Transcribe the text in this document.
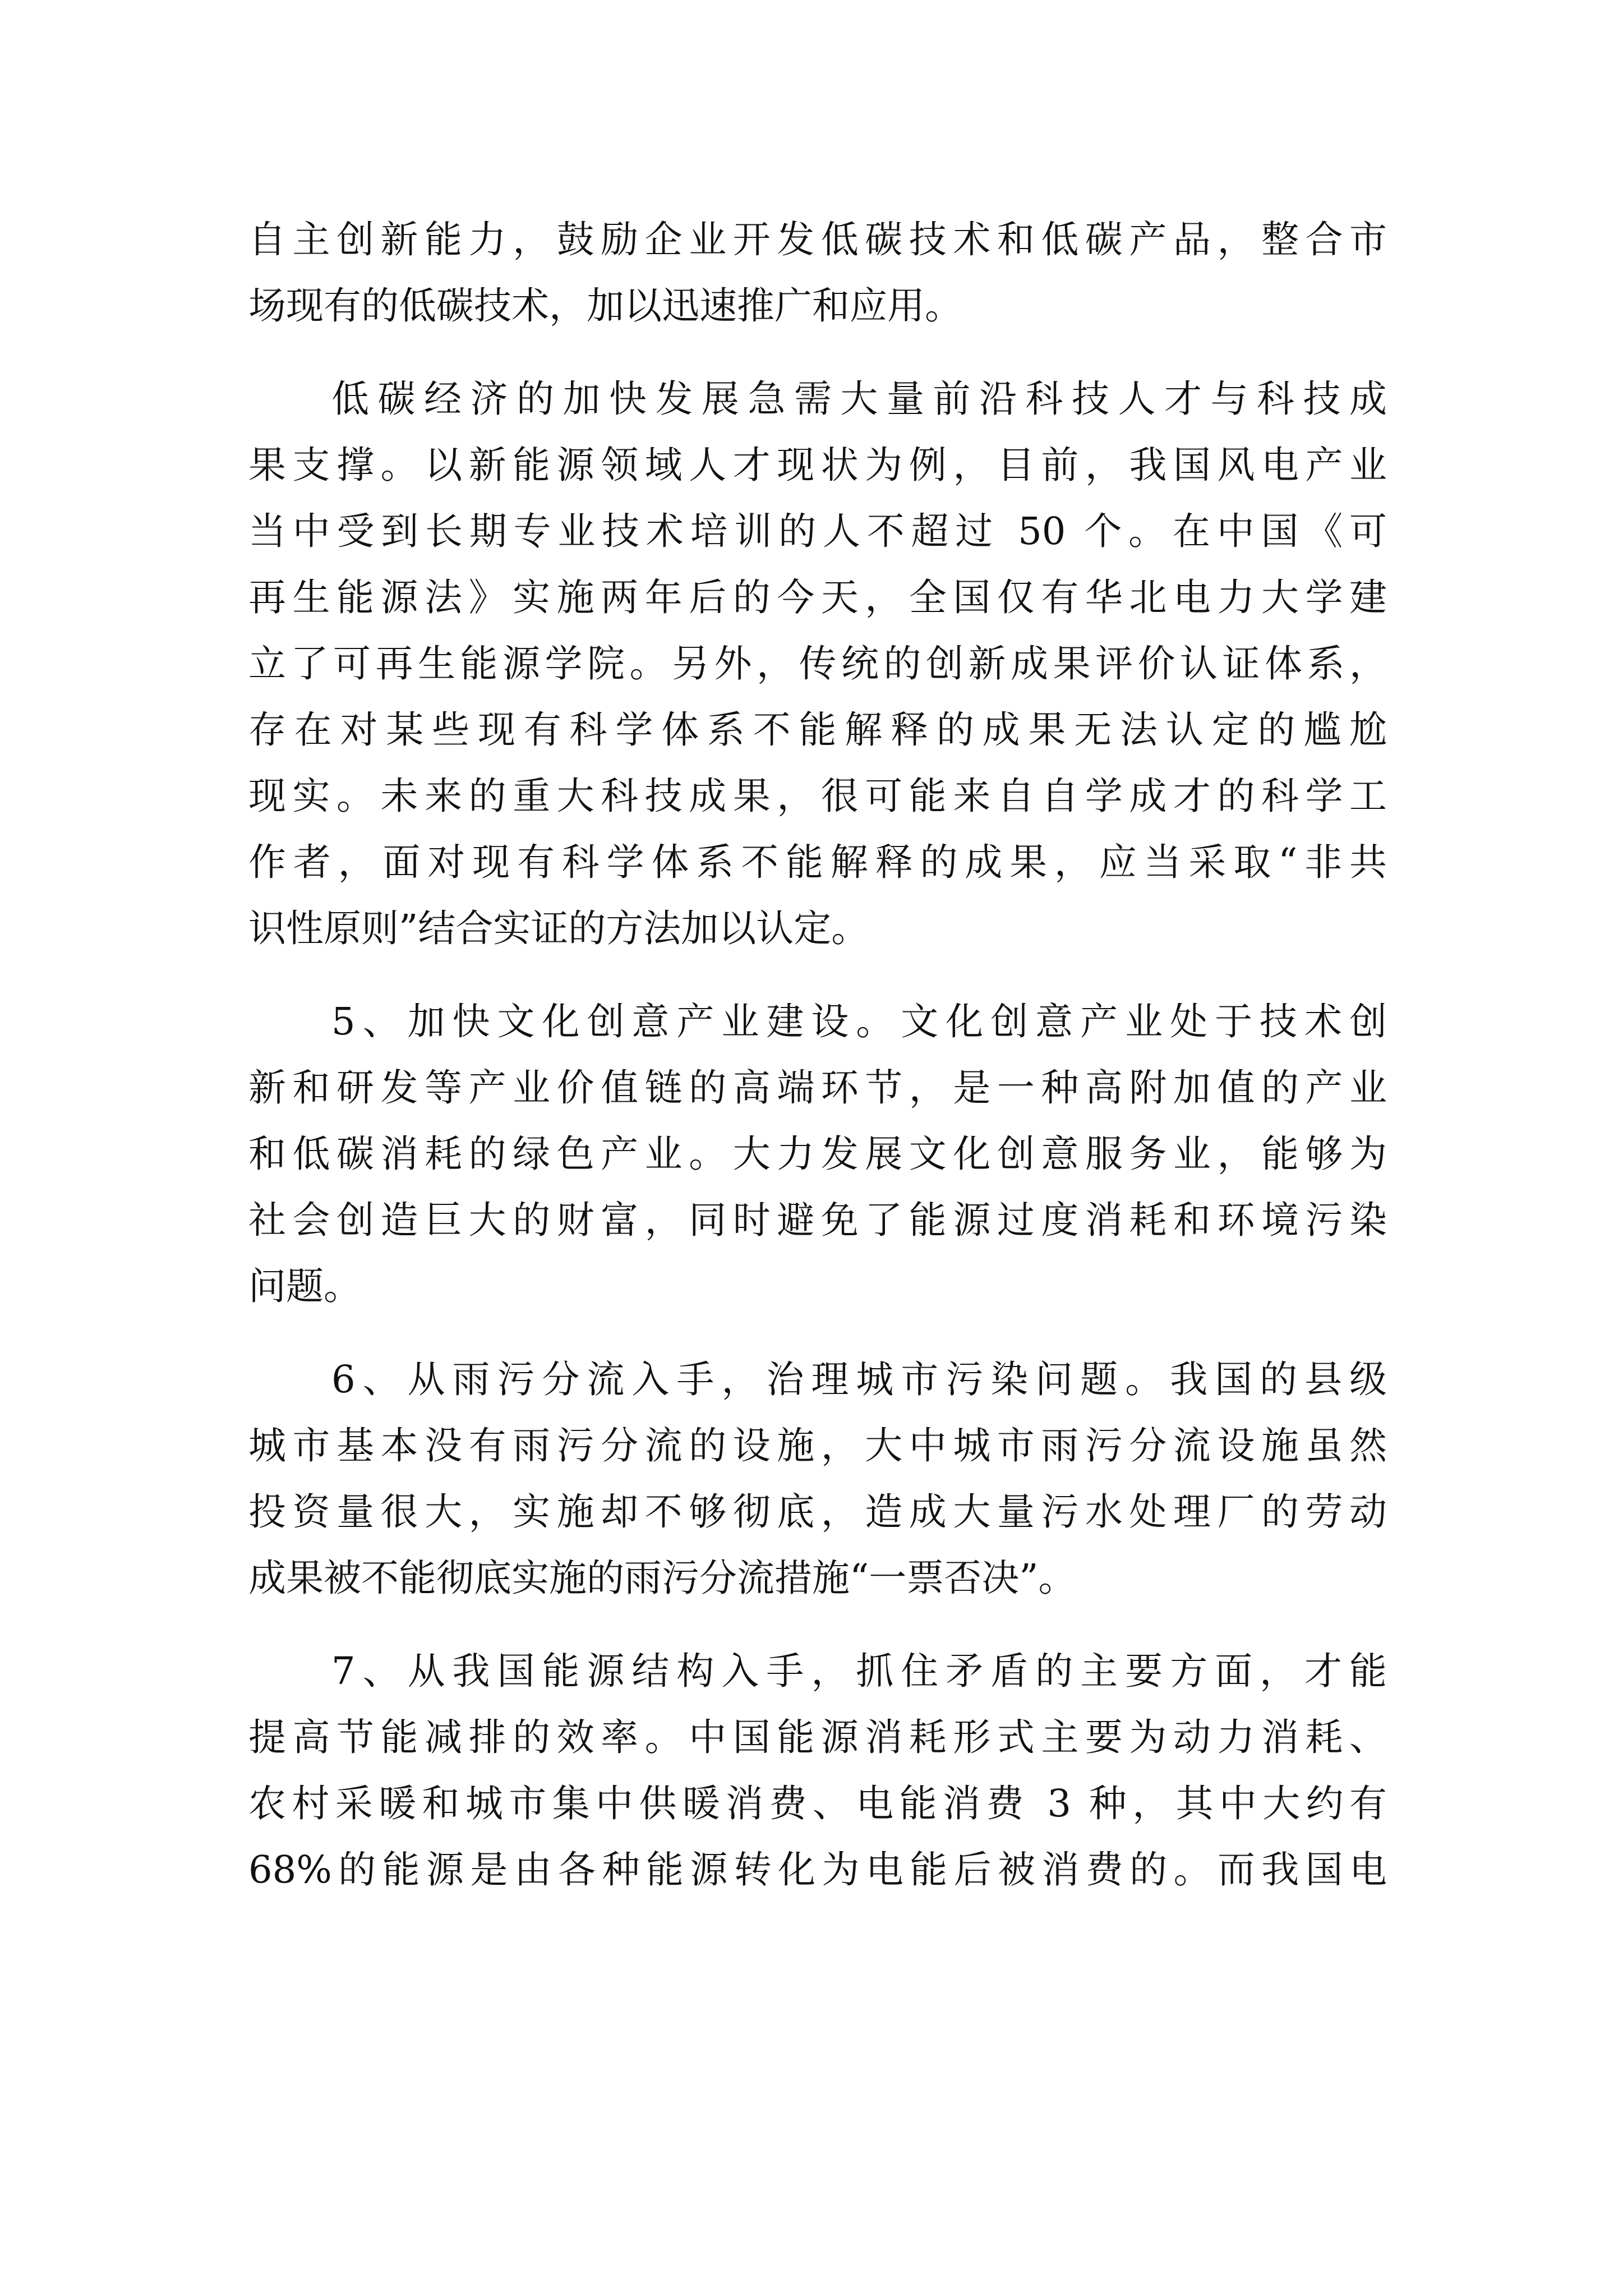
自主创新能力，鼓励企业开发低碳技术和低碳产品，整合市
场现有的低碳技术，加以迅速推广和应用。
低碳经济的加快发展急需大量前沿科技人才与科技成
果支撑。以新能源领域人才现状为例，目前，我国风电产业
当中受到长期专业技术培训的人不超过 50 个。在中国《可
再生能源法》实施两年后的今天，全国仅有华北电力大学建
立了可再生能源学院。另外，传统的创新成果评价认证体系，
存在对某些现有科学体系不能解释的成果无法认定的尴尬
现实。未来的重大科技成果，很可能来自自学成才的科学工
作者，面对现有科学体系不能解释的成果，应当采取“非共
识性原则”结合实证的方法加以认定。
5、加快文化创意产业建设。文化创意产业处于技术创
新和研发等产业价值链的高端环节，是一种高附加值的产业
和低碳消耗的绿色产业。大力发展文化创意服务业，能够为
社会创造巨大的财富，同时避免了能源过度消耗和环境污染
问题。
6、从雨污分流入手，治理城市污染问题。我国的县级
城市基本没有雨污分流的设施，大中城市雨污分流设施虽然
投资量很大，实施却不够彻底，造成大量污水处理厂的劳动
成果被不能彻底实施的雨污分流措施“一票否决”。
7、从我国能源结构入手，抓住矛盾的主要方面，才能
提高节能减排的效率。中国能源消耗形式主要为动力消耗、
农村采暖和城市集中供暖消费、电能消费 3 种，其中大约有
68%的能源是由各种能源转化为电能后被消费的。而我国电
